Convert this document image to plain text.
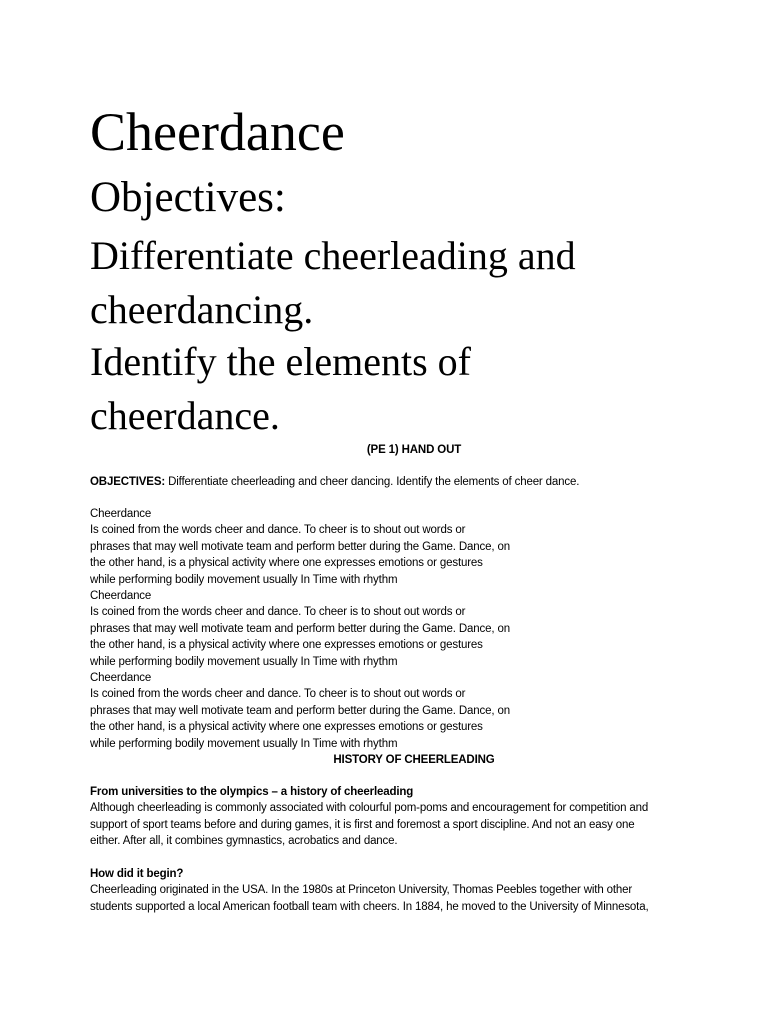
Cheerdance
Objectives:
Differentiate cheerleading and
cheerdancing.
Identify the elements of
cheerdance.
(PE 1) HAND OUT
OBJECTIVES: Differentiate cheerleading and cheer dancing. Identify the elements of cheer dance.
Cheerdance
Is coined from the words cheer and dance. To cheer is to shout out words or
phrases that may well motivate team and perform better during the Game. Dance, on
the other hand, is a physical activity where one expresses emotions or gestures
while performing bodily movement usually In Time with rhythm
Cheerdance
Is coined from the words cheer and dance. To cheer is to shout out words or
phrases that may well motivate team and perform better during the Game. Dance, on
the other hand, is a physical activity where one expresses emotions or gestures
while performing bodily movement usually In Time with rhythm
Cheerdance
Is coined from the words cheer and dance. To cheer is to shout out words or
phrases that may well motivate team and perform better during the Game. Dance, on
the other hand, is a physical activity where one expresses emotions or gestures
while performing bodily movement usually In Time with rhythm
HISTORY OF CHEERLEADING
From universities to the olympics – a history of cheerleading
Although cheerleading is commonly associated with colourful pom-poms and encouragement for competition and
support of sport teams before and during games, it is first and foremost a sport discipline. And not an easy one
either. After all, it combines gymnastics, acrobatics and dance.
How did it begin?
Cheerleading originated in the USA. In the 1980s at Princeton University, Thomas Peebles together with other
students supported a local American football team with cheers. In 1884, he moved to the University of Minnesota,
